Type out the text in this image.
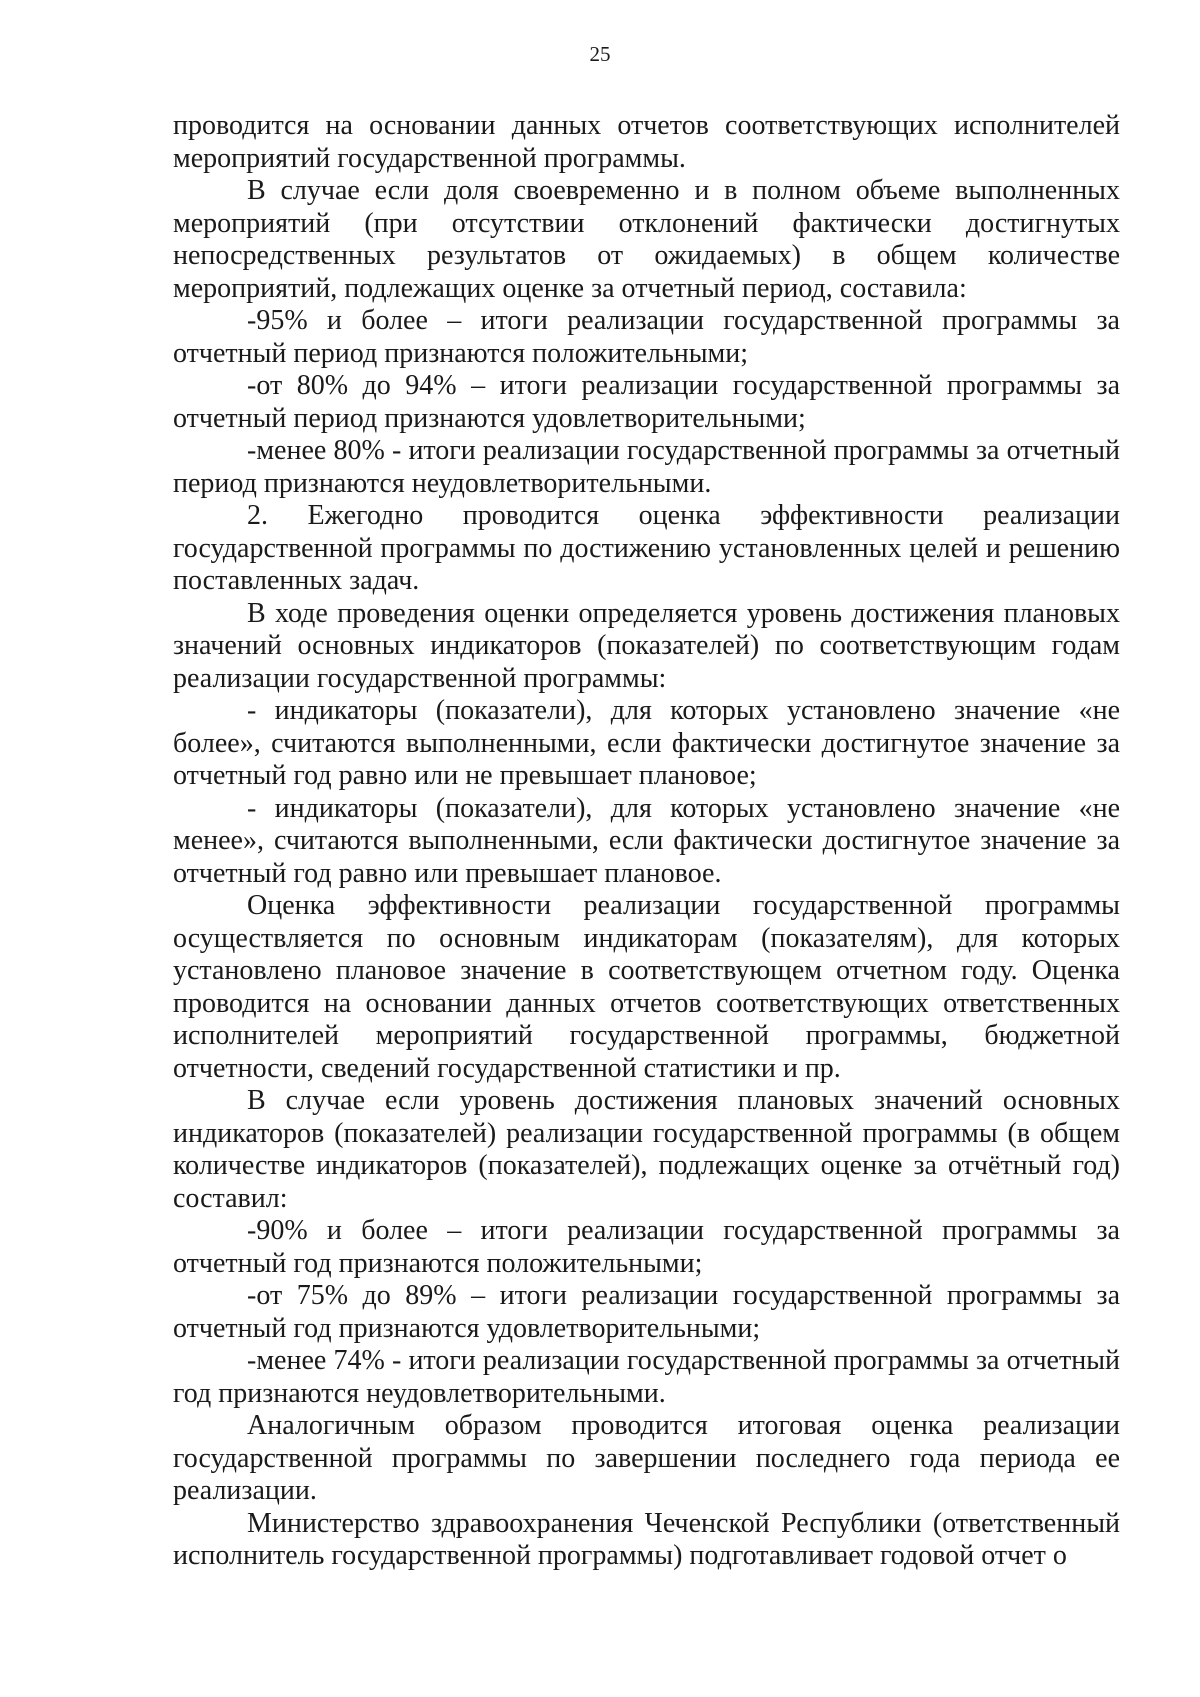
25

проводится на основании данных отчетов соответствующих исполнителей мероприятий государственной программы.

В случае если доля своевременно и в полном объеме выполненных мероприятий (при отсутствии отклонений фактически достигнутых непосредственных результатов от ожидаемых) в общем количестве мероприятий, подлежащих оценке за отчетный период, составила:

-95% и более – итоги реализации государственной программы за отчетный период признаются положительными;

-от 80% до 94% – итоги реализации государственной программы за отчетный период признаются удовлетворительными;

-менее 80% - итоги реализации государственной программы за отчетный период признаются неудовлетворительными.

2. Ежегодно проводится оценка эффективности реализации государственной программы по достижению установленных целей и решению поставленных задач.

В ходе проведения оценки определяется уровень достижения плановых значений основных индикаторов (показателей) по соответствующим годам реализации государственной программы:

- индикаторы (показатели), для которых установлено значение «не более», считаются выполненными, если фактически достигнутое значение за отчетный год равно или не превышает плановое;

- индикаторы (показатели), для которых установлено значение «не менее», считаются выполненными, если фактически достигнутое значение за отчетный год равно или превышает плановое.

Оценка эффективности реализации государственной программы осуществляется по основным индикаторам (показателям), для которых установлено плановое значение в соответствующем отчетном году. Оценка проводится на основании данных отчетов соответствующих ответственных исполнителей мероприятий государственной программы, бюджетной отчетности, сведений государственной статистики и пр.

В случае если уровень достижения плановых значений основных индикаторов (показателей) реализации государственной программы (в общем количестве индикаторов (показателей), подлежащих оценке за отчётный год) составил:

-90% и более – итоги реализации государственной программы за отчетный год признаются положительными;

-от 75% до 89% – итоги реализации государственной программы за отчетный год признаются удовлетворительными;

-менее 74% - итоги реализации государственной программы за отчетный год признаются неудовлетворительными.

Аналогичным образом проводится итоговая оценка реализации государственной программы по завершении последнего года периода ее реализации.

Министерство здравоохранения Чеченской Республики (ответственный исполнитель государственной программы) подготавливает годовой отчет о
